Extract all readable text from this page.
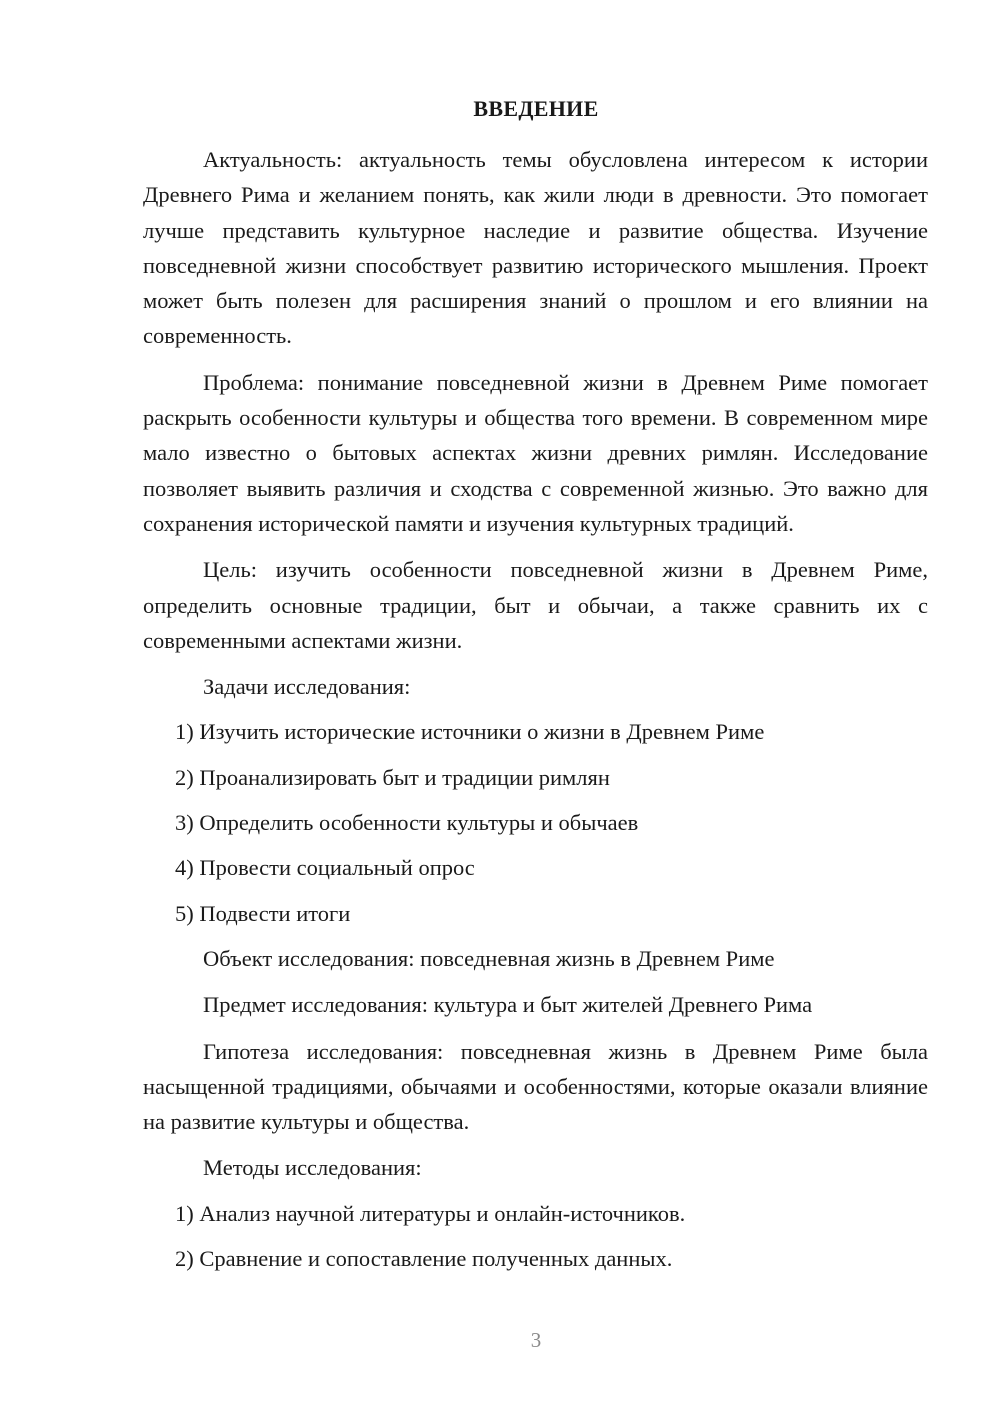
ВВЕДЕНИЕ

Актуальность: актуальность темы обусловлена интересом к истории Древнего Рима и желанием понять, как жили люди в древности. Это помогает лучше представить культурное наследие и развитие общества. Изучение повседневной жизни способствует развитию исторического мышления. Проект может быть полезен для расширения знаний о прошлом и его влиянии на современность.

Проблема: понимание повседневной жизни в Древнем Риме помогает раскрыть особенности культуры и общества того времени. В современном мире мало известно о бытовых аспектах жизни древних римлян. Исследование позволяет выявить различия и сходства с современной жизнью. Это важно для сохранения исторической памяти и изучения культурных традиций.

Цель: изучить особенности повседневной жизни в Древнем Риме, определить основные традиции, быт и обычаи, а также сравнить их с современными аспектами жизни.

Задачи исследования:

1) Изучить исторические источники о жизни в Древнем Риме

2) Проанализировать быт и традиции римлян

3) Определить особенности культуры и обычаев

4) Провести социальный опрос

5) Подвести итоги

Объект исследования: повседневная жизнь в Древнем Риме

Предмет исследования: культура и быт жителей Древнего Рима

Гипотеза исследования: повседневная жизнь в Древнем Риме была насыщенной традициями, обычаями и особенностями, которые оказали влияние на развитие культуры и общества.

Методы исследования:

1) Анализ научной литературы и онлайн-источников.

2) Сравнение и сопоставление полученных данных.

3
